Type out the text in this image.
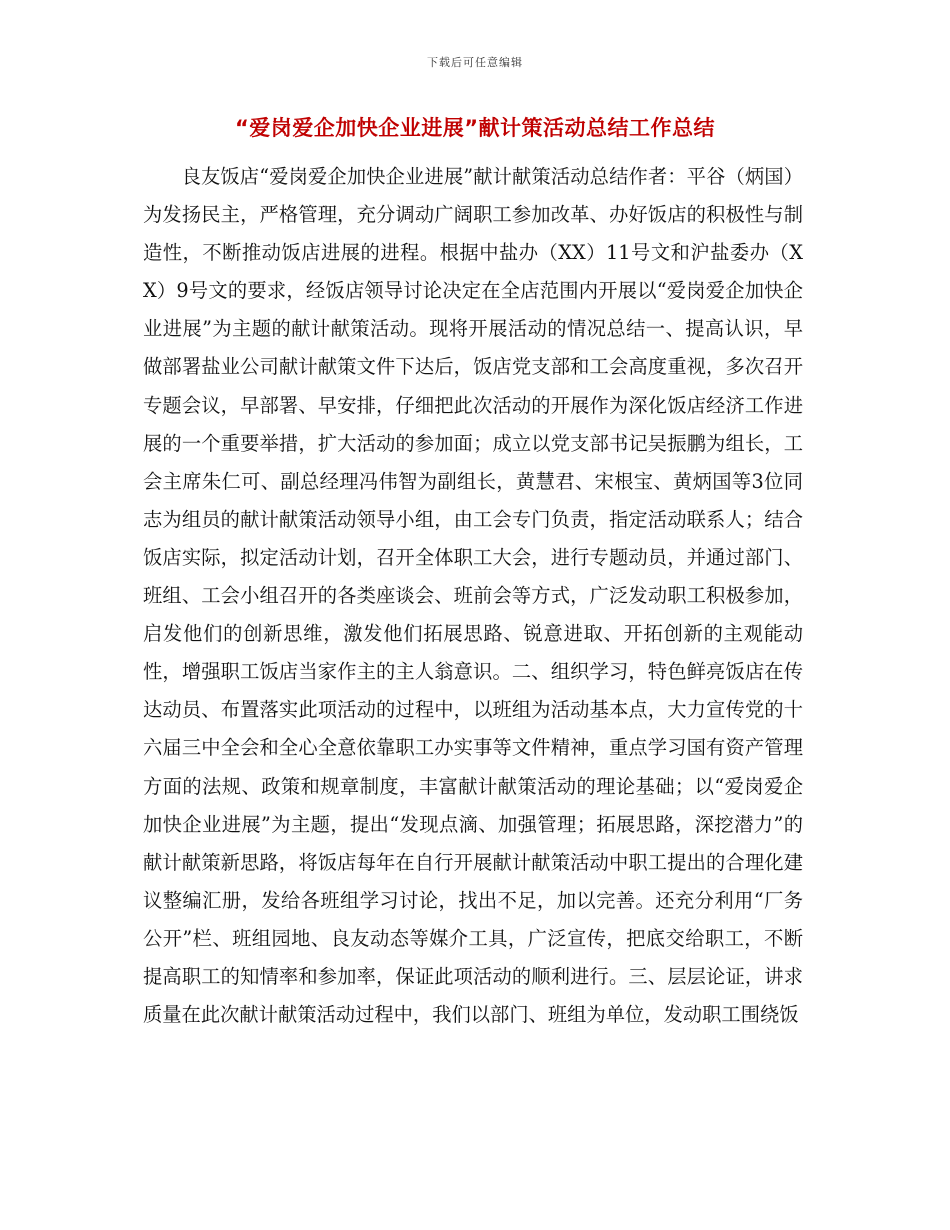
下载后可任意编辑
“爱岗爱企加快企业进展”献计策活动总结工作总结

良友饭店“爱岗爱企加快企业进展”献计献策活动总结作者：平谷（炳国）为发扬民主，严格管理，充分调动广阔职工参加改革、办好饭店的积极性与制造性，不断推动饭店进展的进程。根据中盐办（XX）11号文和沪盐委办（XX）9号文的要求，经饭店领导讨论决定在全店范围内开展以“爱岗爱企加快企业进展”为主题的献计献策活动。现将开展活动的情况总结一、提高认识，早做部署盐业公司献计献策文件下达后，饭店党支部和工会高度重视，多次召开专题会议，早部署、早安排，仔细把此次活动的开展作为深化饭店经济工作进展的一个重要举措，扩大活动的参加面；成立以党支部书记吴振鹏为组长，工会主席朱仁可、副总经理冯伟智为副组长，黄慧君、宋根宝、黄炳国等3位同志为组员的献计献策活动领导小组，由工会专门负责，指定活动联系人；结合饭店实际，拟定活动计划，召开全体职工大会，进行专题动员，并通过部门、班组、工会小组召开的各类座谈会、班前会等方式，广泛发动职工积极参加，启发他们的创新思维，激发他们拓展思路、锐意进取、开拓创新的主观能动性，增强职工饭店当家作主的主人翁意识。二、组织学习，特色鲜亮饭店在传达动员、布置落实此项活动的过程中，以班组为活动基本点，大力宣传党的十六届三中全会和全心全意依靠职工办实事等文件精神，重点学习国有资产管理方面的法规、政策和规章制度，丰富献计献策活动的理论基础；以“爱岗爱企加快企业进展”为主题，提出“发现点滴、加强管理；拓展思路，深挖潜力”的献计献策新思路，将饭店每年在自行开展献计献策活动中职工提出的合理化建议整编汇册，发给各班组学习讨论，找出不足，加以完善。还充分利用“厂务公开”栏、班组园地、良友动态等媒介工具，广泛宣传，把底交给职工，不断提高职工的知情率和参加率，保证此项活动的顺利进行。三、层层论证，讲求质量在此次献计献策活动过程中，我们以部门、班组为单位，发动职工围绕饭
